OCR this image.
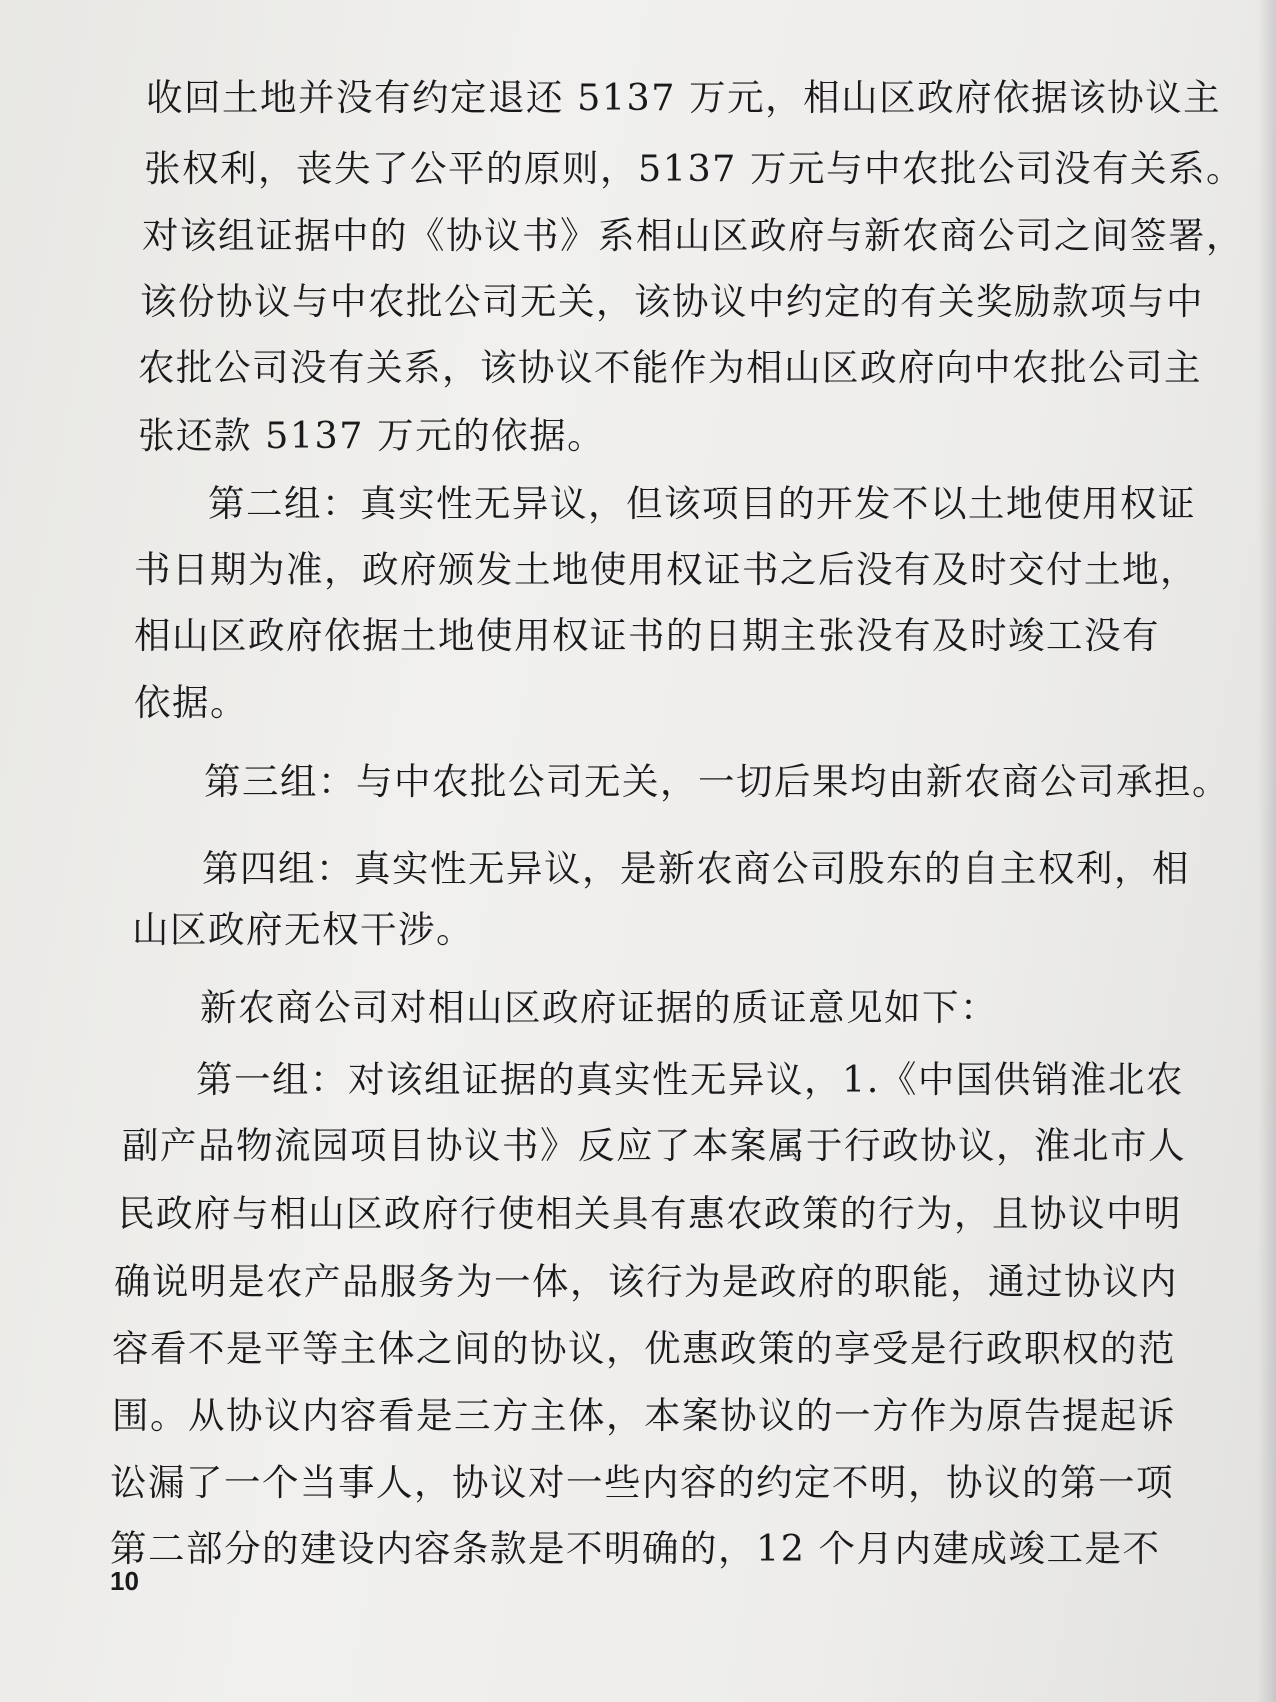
收回土地并没有约定退还 5137 万元，相山区政府依据该协议主
张权利，丧失了公平的原则，5137 万元与中农批公司没有关系。
对该组证据中的《协议书》系相山区政府与新农商公司之间签署，
该份协议与中农批公司无关，该协议中约定的有关奖励款项与中
农批公司没有关系，该协议不能作为相山区政府向中农批公司主
张还款 5137 万元的依据。
第二组：真实性无异议，但该项目的开发不以土地使用权证
书日期为准，政府颁发土地使用权证书之后没有及时交付土地，
相山区政府依据土地使用权证书的日期主张没有及时竣工没有
依据。
第三组：与中农批公司无关，一切后果均由新农商公司承担。
第四组：真实性无异议，是新农商公司股东的自主权利，相
山区政府无权干涉。
新农商公司对相山区政府证据的质证意见如下：
第一组：对该组证据的真实性无异议，1.《中国供销淮北农
副产品物流园项目协议书》反应了本案属于行政协议，淮北市人
民政府与相山区政府行使相关具有惠农政策的行为，且协议中明
确说明是农产品服务为一体，该行为是政府的职能，通过协议内
容看不是平等主体之间的协议，优惠政策的享受是行政职权的范
围。从协议内容看是三方主体，本案协议的一方作为原告提起诉
讼漏了一个当事人，协议对一些内容的约定不明，协议的第一项
第二部分的建设内容条款是不明确的，12 个月内建成竣工是不
10
